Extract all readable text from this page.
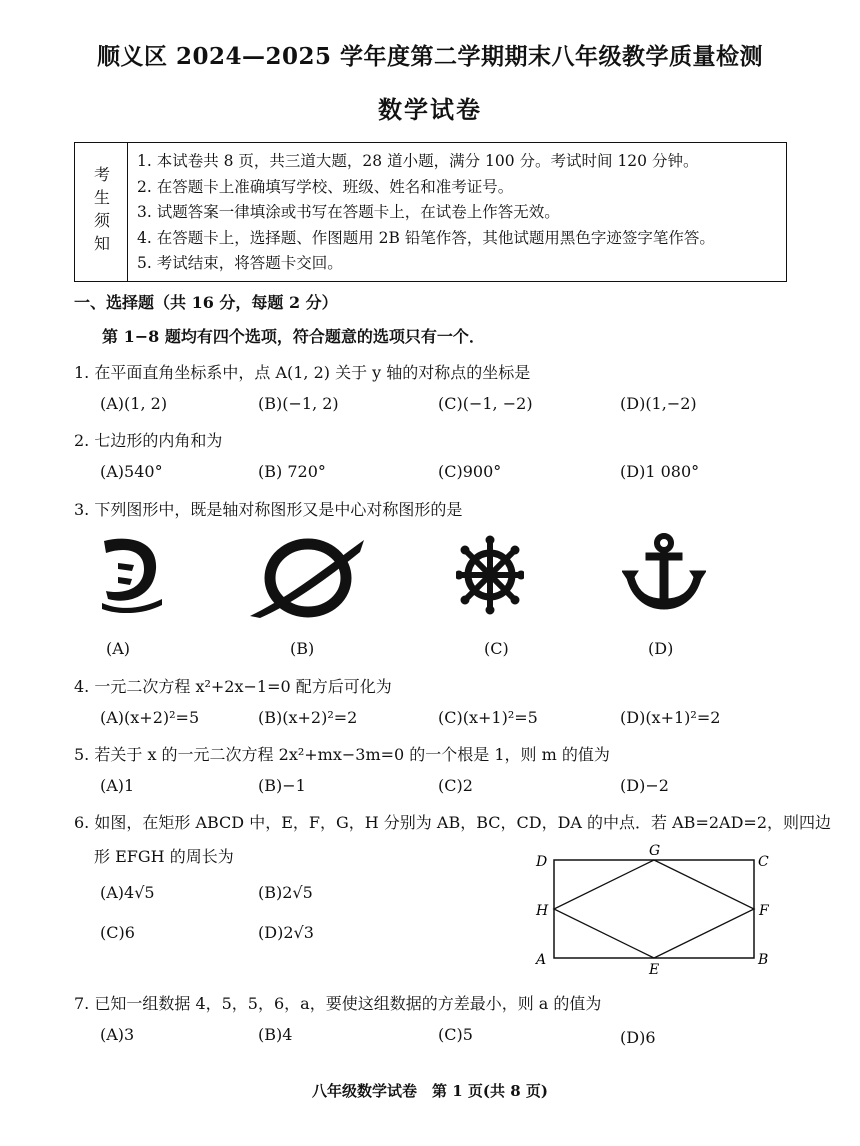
顺义区 2024—2025 学年度第二学期期末八年级教学质量检测
数学试卷
考生须知
1. 本试卷共 8 页，共三道大题，28 道小题，满分 100 分。考试时间 120 分钟。
2. 在答题卡上准确填写学校、班级、姓名和准考证号。
3. 试题答案一律填涂或书写在答题卡上，在试卷上作答无效。
4. 在答题卡上，选择题、作图题用 2B 铅笔作答，其他试题用黑色字迹签字笔作答。
5. 考试结束，将答题卡交回。
一、选择题（共 16 分，每题 2 分）
第 1−8 题均有四个选项，符合题意的选项只有一个．
1. 在平面直角坐标系中，点 A(1, 2) 关于 y 轴的对称点的坐标是
(A)(1, 2)	(B)(−1, 2)	(C)(−1, −2)	(D)(1,−2)
2. 七边形的内角和为
(A)540°	(B) 720°	(C)900°	(D)1 080°
3. 下列图形中，既是轴对称图形又是中心对称图形的是
(A)	(B)	(C)	(D)
4. 一元二次方程 x²+2x−1=0 配方后可化为
(A)(x+2)²=5	(B)(x+2)²=2	(C)(x+1)²=5	(D)(x+1)²=2
5. 若关于 x 的一元二次方程 2x²+mx−3m=0 的一个根是 1，则 m 的值为
(A)1	(B)−1	(C)2	(D)−2
6. 如图，在矩形 ABCD 中，E，F，G，H 分别为 AB，BC，CD，DA 的中点．若 AB=2AD=2，则四边
形 EFGH 的周长为
(A)4√5	(B)2√5
(C)6	(D)2√3
D	C
G
H	F
A	B
E
7. 已知一组数据 4，5，5，6，a，要使这组数据的方差最小，则 a 的值为
(A)3	(B)4	(C)5	(D)6
八年级数学试卷　第 1 页(共 8 页)
